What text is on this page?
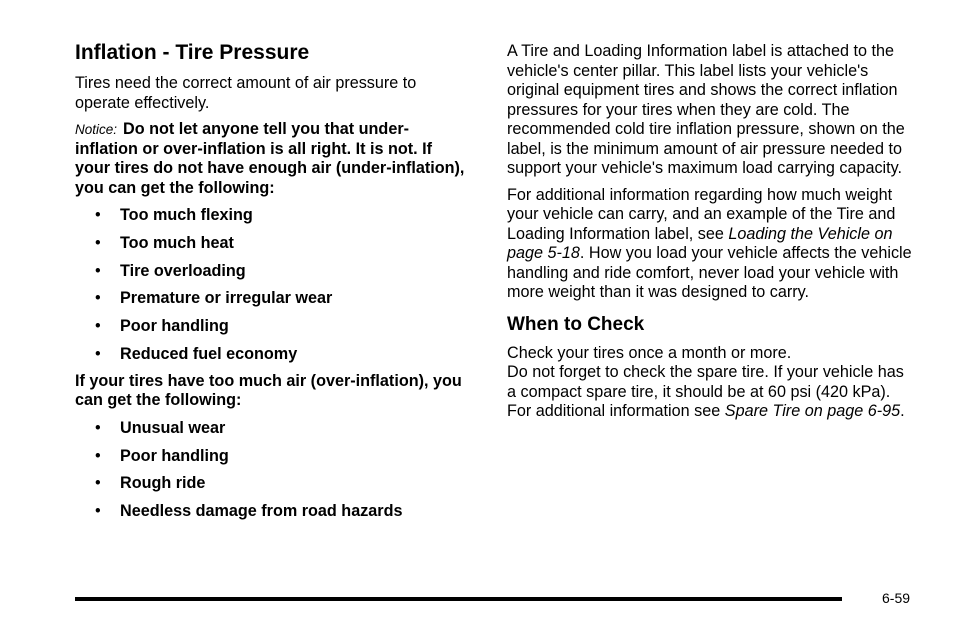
Inflation - Tire Pressure

Tires need the correct amount of air pressure to operate effectively.

Notice: Do not let anyone tell you that under-inflation or over-inflation is all right. It is not. If your tires do not have enough air (under-inflation), you can get the following:
• Too much flexing
• Too much heat
• Tire overloading
• Premature or irregular wear
• Poor handling
• Reduced fuel economy

If your tires have too much air (over-inflation), you can get the following:

• Unusual wear
• Poor handling
• Rough ride
• Needless damage from road hazards

A Tire and Loading Information label is attached to the vehicle's center pillar. This label lists your vehicle's original equipment tires and shows the correct inflation pressures for your tires when they are cold. The recommended cold tire inflation pressure, shown on the label, is the minimum amount of air pressure needed to support your vehicle's maximum load carrying capacity.

For additional information regarding how much weight your vehicle can carry, and an example of the Tire and Loading Information label, see Loading the Vehicle on page 5-18. How you load your vehicle affects the vehicle handling and ride comfort, never load your vehicle with more weight than it was designed to carry.

When to Check

Check your tires once a month or more.
Do not forget to check the spare tire. If your vehicle has a compact spare tire, it should be at 60 psi (420 kPa). For additional information see Spare Tire on page 6-95.

6-59
